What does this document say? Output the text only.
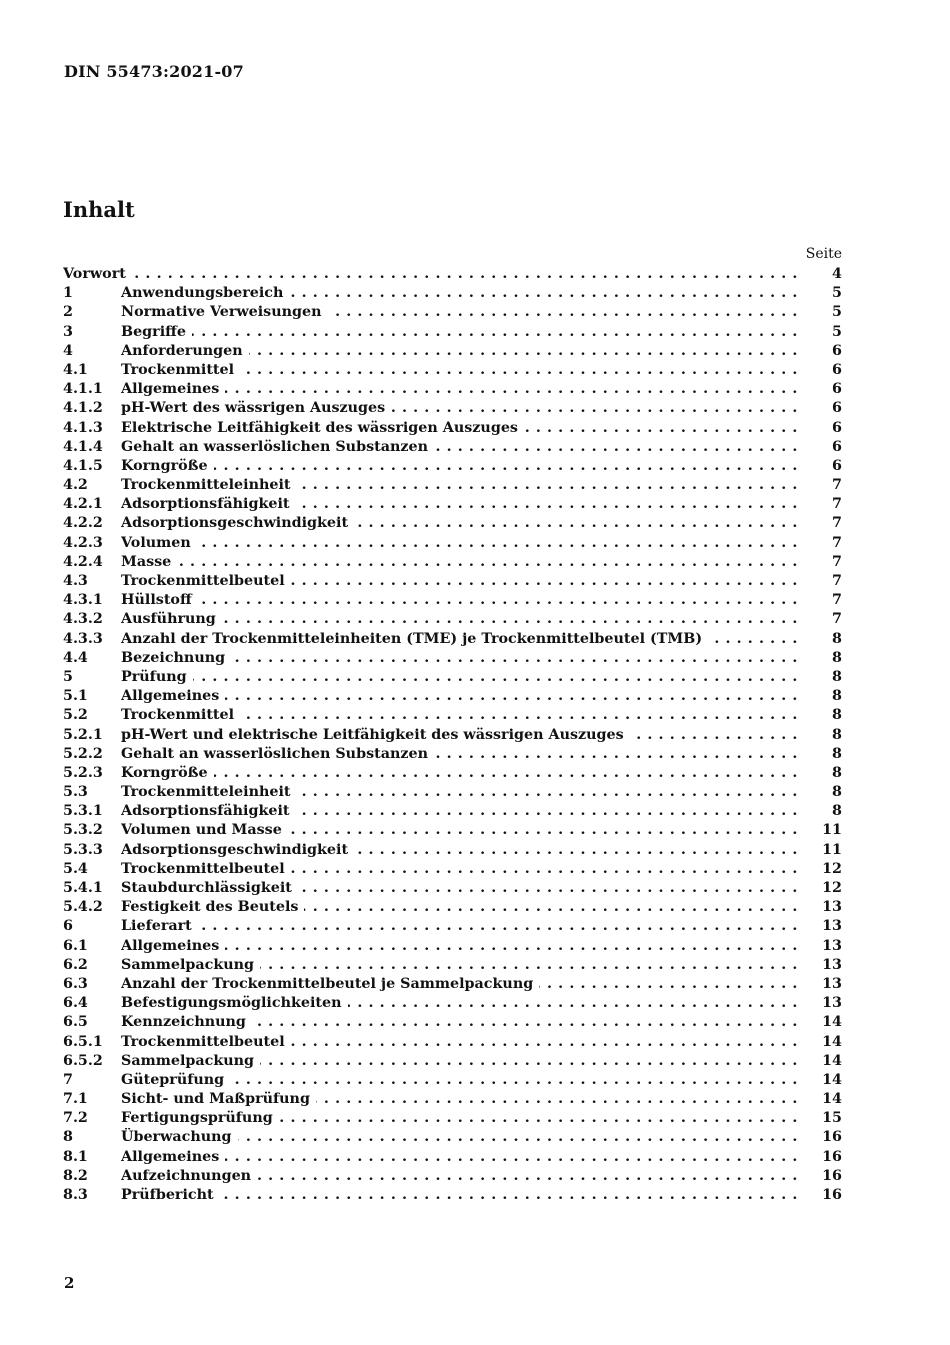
DIN 55473:2021-07
Inhalt
Seite
Vorwort . . .	4
1	Anwendungsbereich . . .	5
2	Normative Verweisungen . . .	5
3	Begriffe . . .	5
4	Anforderungen . . .	6
4.1 Trockenmittel . . .	6
4.1.1 Allgemeines . . .	6
4.1.2 pH-Wert des wässrigen Auszuges . . .	6
4.1.3 Elektrische Leitfähigkeit des wässrigen Auszuges . . .	6
4.1.4 Gehalt an wasserlöslichen Substanzen . . .	6
4.1.5 Korngröße . . .	6
4.2 Trockenmitteleinheit . . .	7
4.2.1 Adsorptionsfähigkeit . . .	7
4.2.2 Adsorptionsgeschwindigkeit . . .	7
4.2.3 Volumen . . .	7
4.2.4 Masse . . .	7
4.3 Trockenmittelbeutel . . .	7
4.3.1 Hüllstoff . . .	7
4.3.2 Ausführung . . .	7
4.3.3 Anzahl der Trockenmitteleinheiten (TME) je Trockenmittelbeutel (TMB) . . .	8
4.4 Bezeichnung . . .	8
5	Prüfung . . .	8
5.1 Allgemeines . . .	8
5.2 Trockenmittel . . .	8
5.2.1 pH-Wert und elektrische Leitfähigkeit des wässrigen Auszuges . . .	8
5.2.2 Gehalt an wasserlöslichen Substanzen . . .	8
5.2.3 Korngröße . . .	8
5.3 Trockenmitteleinheit . . .	8
5.3.1 Adsorptionsfähigkeit . . .	8
5.3.2 Volumen und Masse . . .	11
5.3.3 Adsorptionsgeschwindigkeit . . .	11
5.4 Trockenmittelbeutel . . .	12
5.4.1 Staubdurchlässigkeit . . .	12
5.4.2 Festigkeit des Beutels . . .	13
6	Lieferart . . .	13
6.1 Allgemeines . . .	13
6.2 Sammelpackung . . .	13
6.3 Anzahl der Trockenmittelbeutel je Sammelpackung . . .	13
6.4 Befestigungsmöglichkeiten . . .	13
6.5 Kennzeichnung . . .	14
6.5.1 Trockenmittelbeutel . . .	14
6.5.2 Sammelpackung . . .	14
7	Güteprüfung . . .	14
7.1 Sicht- und Maßprüfung . . .	14
7.2 Fertigungsprüfung . . .	15
8	Überwachung . . .	16
8.1 Allgemeines . . .	16
8.2 Aufzeichnungen . . .	16
8.3 Prüfbericht . . .	16
2
